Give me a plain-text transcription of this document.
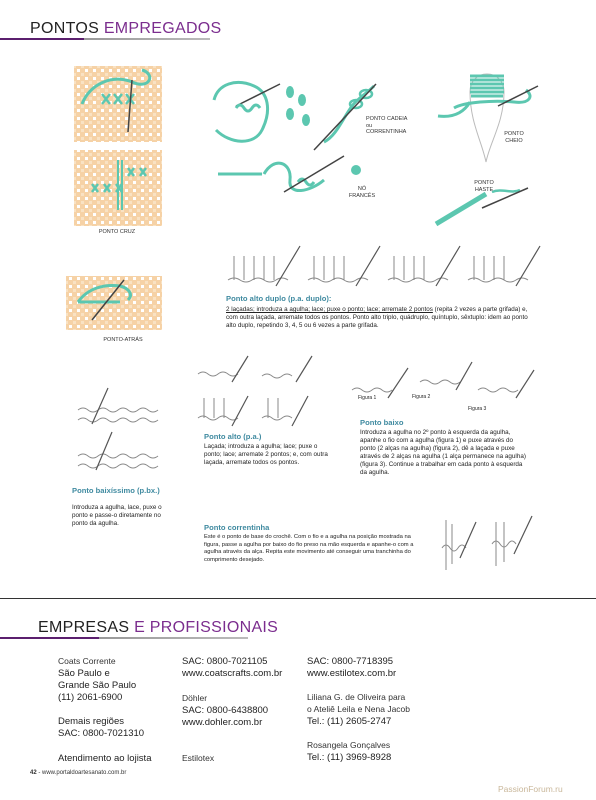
PONTOS EMPREGADOS
PONTO CRUZ
PONTO-ATRÁS
PONTO CADEIA ou CORRENTINHA	PONTO CHEIO
NÓ FRANCÊS
PONTO HASTE
Ponto alto duplo (p.a. duplo):
2 laçadas; introduza a agulha; lace; puxe o ponto; lace; arremate 2 pontos (repita 2 vezes a parte grifada) e, com outra laçada, arremate todos os pontos. Ponto alto triplo, quádruplo, quíntuplo, sêxtuplo: idem ao ponto alto duplo, repetindo 3, 4, 5 ou 6 vezes a parte grifada.
Ponto alto (p.a.)
Laçada; introduza a agulha; lace; puxe o ponto; lace; arremate 2 pontos; e, com outra laçada, arremate todos os pontos.
Ponto baixíssimo (p.bx.)
Introduza a agulha, lace, puxe o ponto e passe-o diretamente no ponto da agulha.
Figura 1	Figura 2
Figura 3
Ponto baixo
Introduza a agulha no 2º ponto à esquerda da agulha, apanhe o fio com a agulha (figura 1) e puxe através do ponto (2 alças na agulha) (figura 2), dê a laçada e puxe através de 2 alças na agulha (1 alça permanece na agulha) (figura 3). Continue a trabalhar em cada ponto à esquerda da agulha.
Ponto correntinha
Este é o ponto de base do crochê. Com o fio e a agulha na posição mostrada na figura, passe a agulha por baixo do fio preso na mão esquerda e apanhe-o com a agulha através da alça. Repita este movimento até conseguir uma tranchinha do comprimento desejado.
EMPRESAS E PROFISSIONAIS
Coats Corrente
São Paulo e
Grande São Paulo
(11) 2061-6900
Demais regiões
SAC: 0800-7021310
Atendimento ao lojista
SAC: 0800-7021105
www.coatscrafts.com.br
Döhler
SAC: 0800-6438800
www.dohler.com.br
Estilotex
SAC: 0800-7718395
www.estilotex.com.br
Liliana G. de Oliveira para
o Ateliê Leila e Nena Jacob
Tel.: (11) 2605-2747
Rosangela Gonçalves
Tel.: (11) 3969-8928
42 - www.portaldoartesanato.com.br
PassionForum.ru
